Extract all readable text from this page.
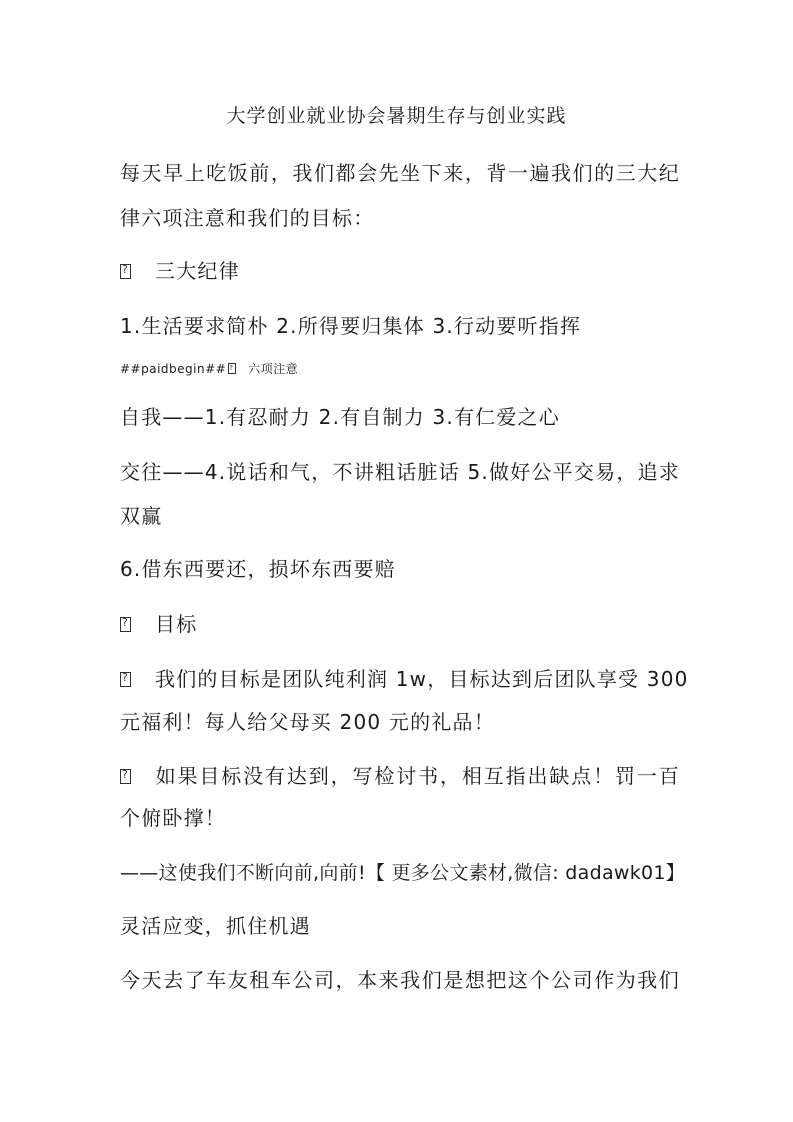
大学创业就业协会暑期生存与创业实践
每天早上吃饭前，我们都会先坐下来，背一遍我们的三大纪
律六项注意和我们的目标：
?三大纪律
1.生活要求简朴 2.所得要归集体 3.行动要听指挥
##paidbegin##? 六项注意
自我——1.有忍耐力 2.有自制力 3.有仁爱之心
交往——4.说话和气，不讲粗话脏话 5.做好公平交易，追求
双赢
6.借东西要还，损坏东西要赔
?目标
?我们的目标是团队纯利润 1w，目标达到后团队享受 300
元福利！每人给父母买 200 元的礼品！
?如果目标没有达到，写检讨书，相互指出缺点！罚一百
个俯卧撑！
——这使我们不断向前,向前!【 更多公文素材,微信: dadawk01】
灵活应变，抓住机遇
今天去了车友租车公司，本来我们是想把这个公司作为我们
